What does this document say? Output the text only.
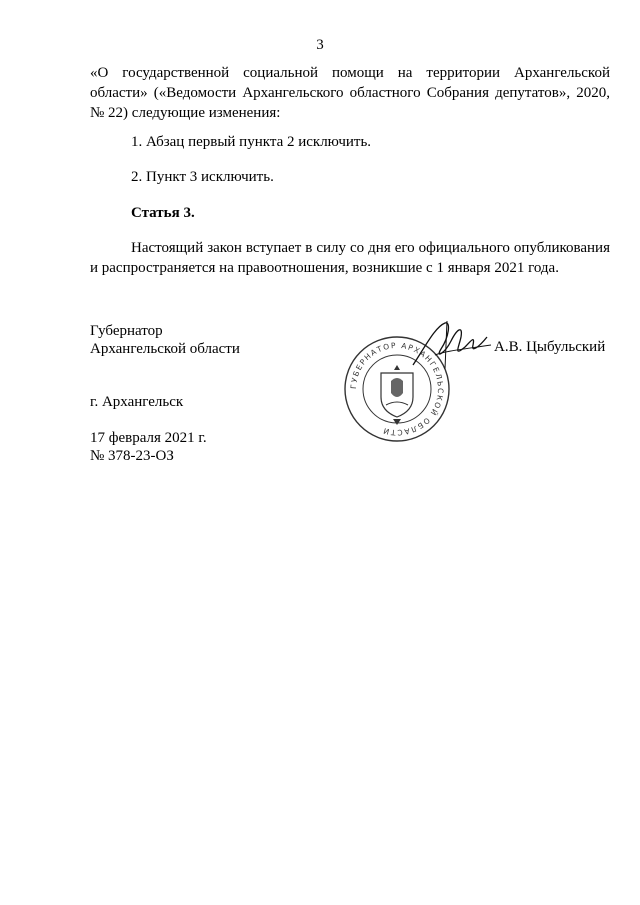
3
«О государственной социальной помощи на территории Архангельской области» («Ведомости Архангельского областного Собрания депутатов», 2020, № 22) следующие изменения:
1. Абзац первый пункта 2 исключить.
2. Пункт 3 исключить.
Статья 3.
Настоящий закон вступает в силу со дня его официального опубликования и распространяется на правоотношения, возникшие с 1 января 2021 года.
Губернатор
Архангельской области
ГУБЕРНАТОР АРХАНГЕЛЬСКОЙ ОБЛАСТИ
А.В. Цыбульский
г. Архангельск
17 февраля 2021 г.
№ 378-23-ОЗ
